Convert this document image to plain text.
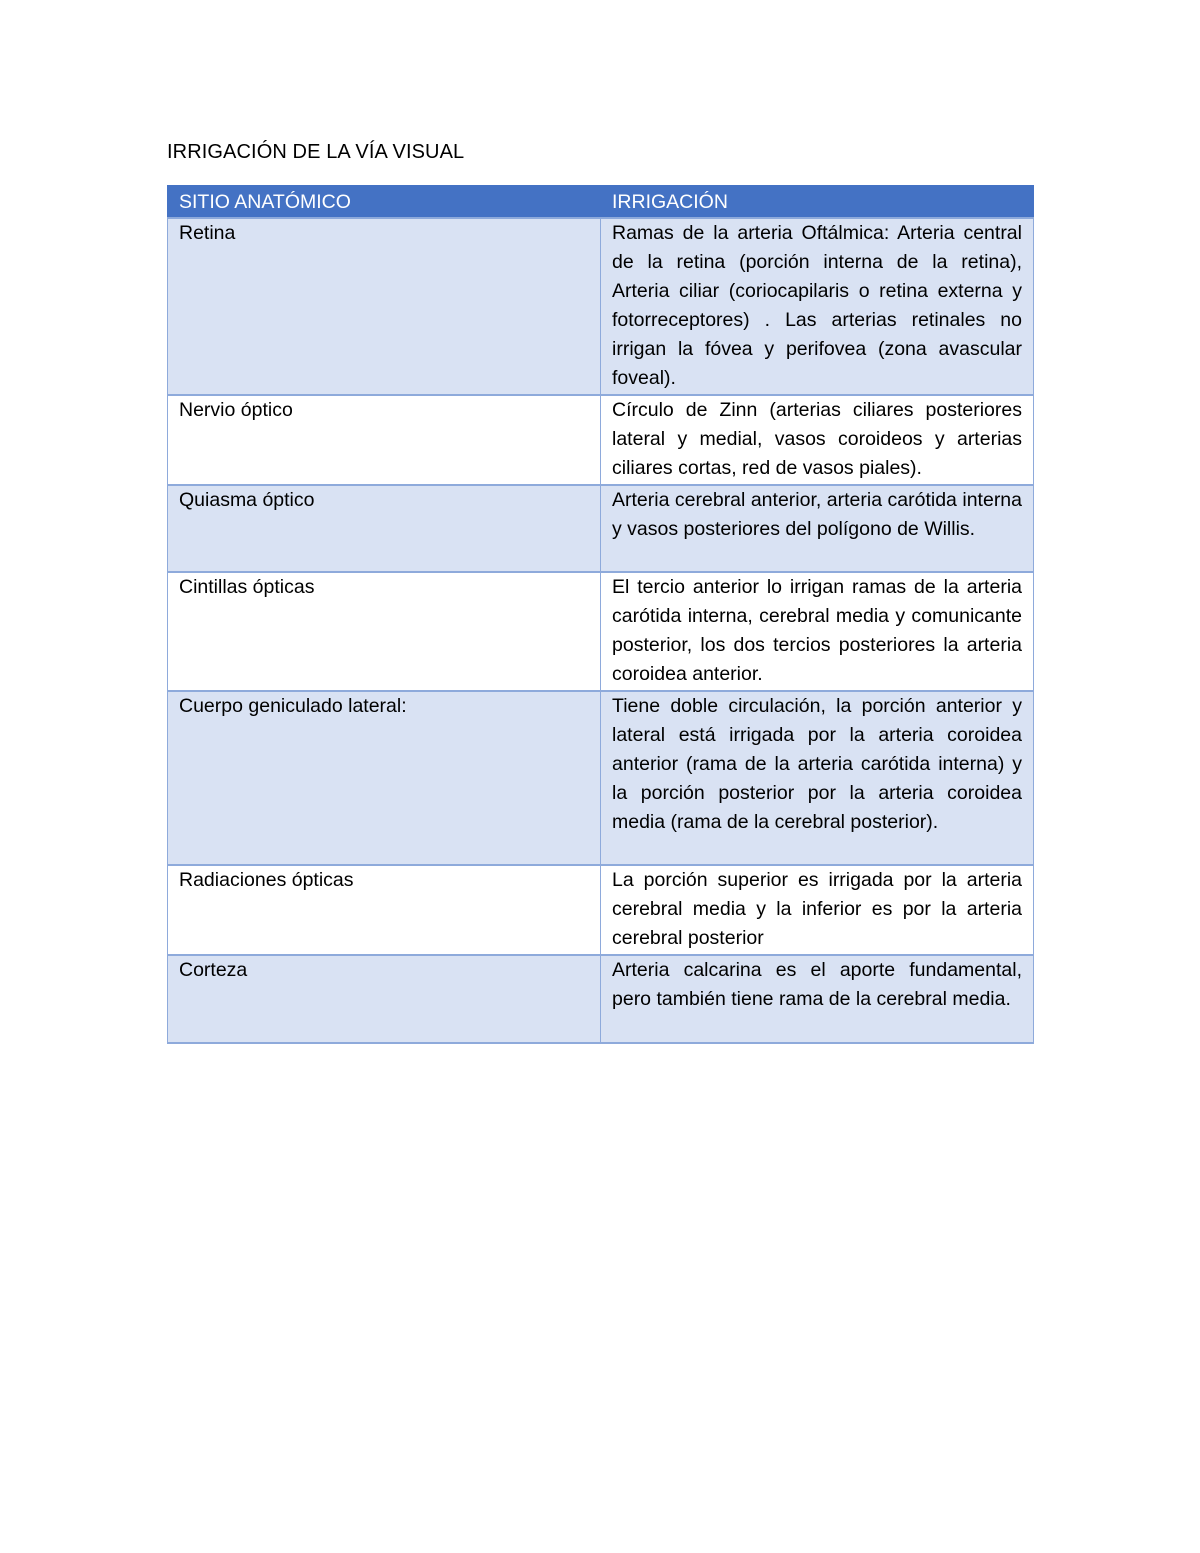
IRRIGACIÓN DE LA VÍA VISUAL
SITIO ANATÓMICO	IRRIGACIÓN
Retina	Ramas de la arteria Oftálmica: Arteria central de la retina (porción interna de la retina), Arteria ciliar (coriocapilaris o retina externa y fotorreceptores) . Las arterias retinales no irrigan la fóvea y perifovea (zona avascular foveal).
Nervio óptico	Círculo de Zinn (arterias ciliares posteriores lateral y medial, vasos coroideos y arterias ciliares cortas, red de vasos piales).
Quiasma óptico	Arteria cerebral anterior, arteria carótida interna y vasos posteriores del polígono de Willis.
Cintillas ópticas	El tercio anterior lo irrigan ramas de la arteria carótida interna, cerebral media y comunicante posterior, los dos tercios posteriores la arteria coroidea anterior.
Cuerpo geniculado lateral:	Tiene doble circulación, la porción anterior y lateral está irrigada por la arteria coroidea anterior (rama de la arteria carótida interna) y la porción posterior por la arteria coroidea media (rama de la cerebral posterior).
Radiaciones ópticas	La porción superior es irrigada por la arteria cerebral media y la inferior es por la arteria cerebral posterior
Corteza	Arteria calcarina es el aporte fundamental, pero también tiene rama de la cerebral media.
